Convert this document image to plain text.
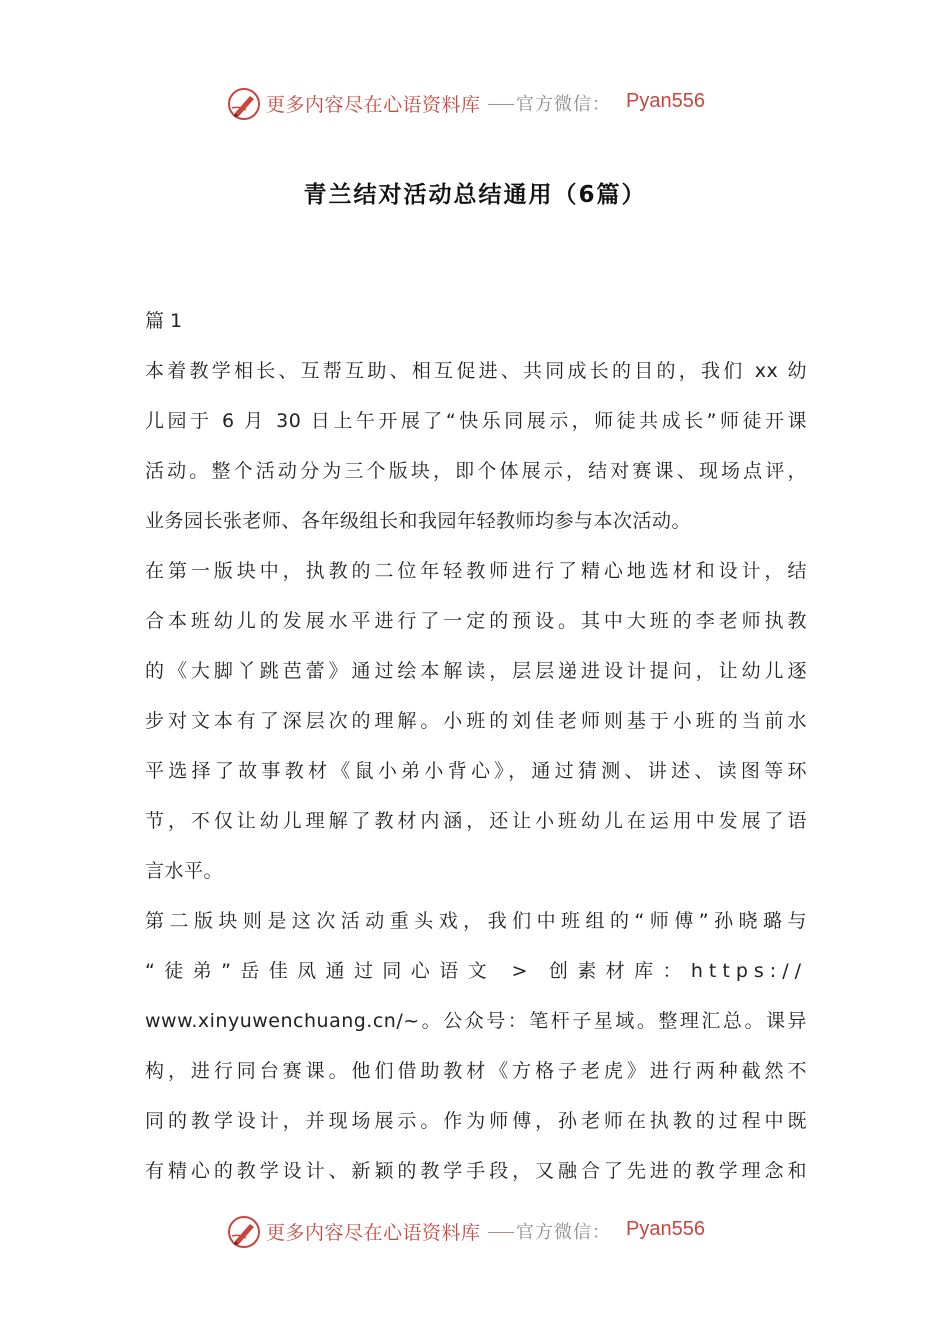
更多内容尽在心语资料库 官方微信： Pyan556
青兰结对活动总结通用（6篇）
篇 1
本着教学相长、互帮互助、相互促进、共同成长的目的，我们 xx 幼
儿园于 6 月 30 日上午开展了“快乐同展示，师徒共成长”师徒开课
活动。整个活动分为三个版块，即个体展示，结对赛课、现场点评，
业务园长张老师、各年级组长和我园年轻教师均参与本次活动。
在第一版块中，执教的二位年轻教师进行了精心地选材和设计，结
合本班幼儿的发展水平进行了一定的预设。其中大班的李老师执教
的《大脚丫跳芭蕾》通过绘本解读，层层递进设计提问，让幼儿逐
步对文本有了深层次的理解。小班的刘佳老师则基于小班的当前水
平选择了故事教材《鼠小弟小背心》，通过猜测、讲述、读图等环
节，不仅让幼儿理解了教材内涵，还让小班幼儿在运用中发展了语
言水平。
第二版块则是这次活动重头戏，我们中班组的“师傅”孙晓璐与
“徒弟”岳佳凤通过同心语文 > 创素材库：https://
www.xinyuwenchuang.cn/~。公众号：笔杆子星域。整理汇总。课异
构，进行同台赛课。他们借助教材《方格子老虎》进行两种截然不
同的教学设计，并现场展示。作为师傅，孙老师在执教的过程中既
有精心的教学设计、新颖的教学手段，又融合了先进的教学理念和
更多内容尽在心语资料库 官方微信： Pyan556
